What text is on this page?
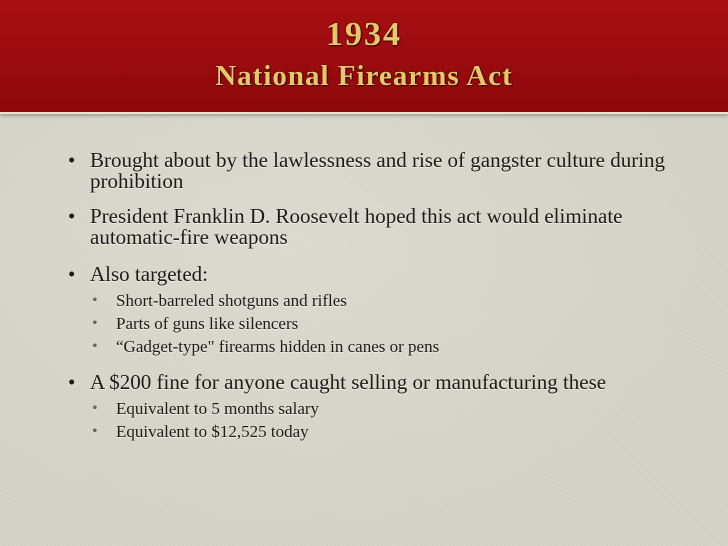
1934
National Firearms Act
• Brought about by the lawlessness and rise of gangster culture during prohibition
• President Franklin D. Roosevelt hoped this act would eliminate automatic-fire weapons
• Also targeted:
• Short-barreled shotguns and rifles
• Parts of guns like silencers
• “Gadget-type" firearms hidden in canes or pens
• A $200 fine for anyone caught selling or manufacturing these
• Equivalent to 5 months salary
• Equivalent to $12,525 today
